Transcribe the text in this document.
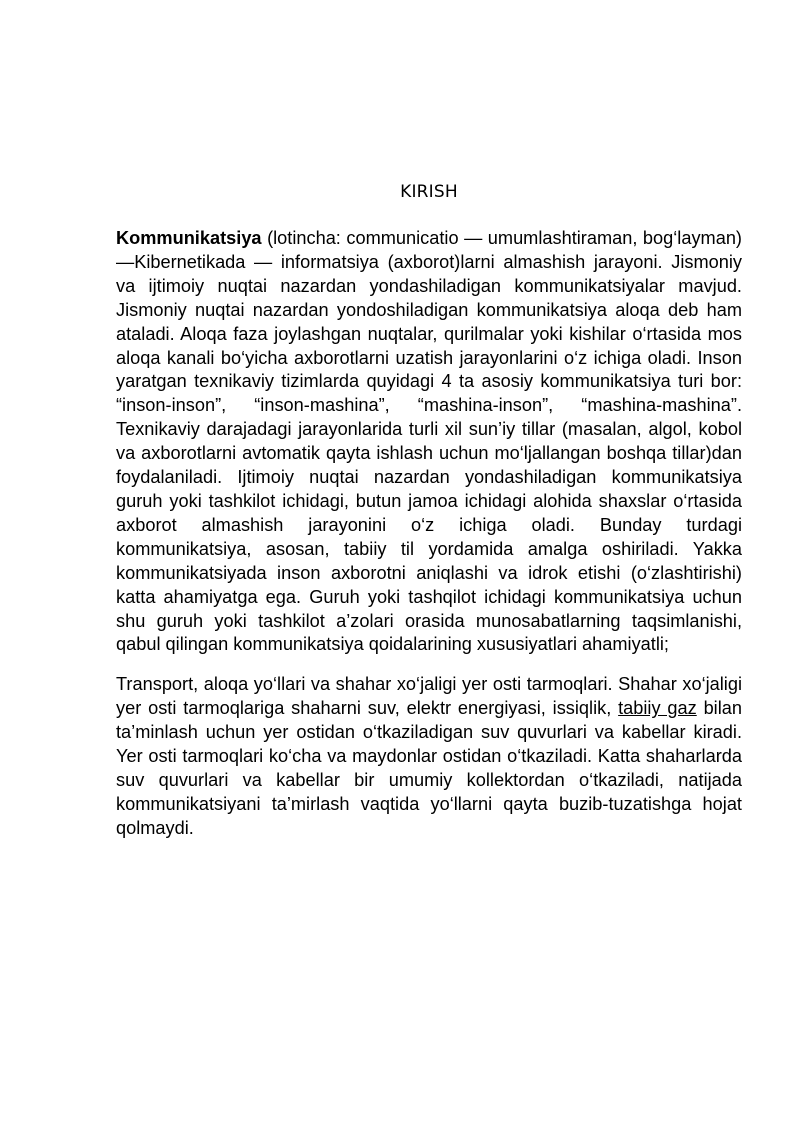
KIRISH

Kommunikatsiya (lotincha: communicatio — umumlashtiraman, bog‘layman) —Kibernetikada — informatsiya (axborot)larni almashish jarayoni. Jismoniy va ijtimoiy nuqtai nazardan yondashiladigan kommunikatsiyalar mavjud. Jismoniy nuqtai nazardan yondoshiladigan kommunikatsiya aloqa deb ham ataladi. Aloqa faza joylashgan nuqtalar, qurilmalar yoki kishilar o‘rtasida mos aloqa kanali bo‘yicha axborotlarni uzatish jarayonlarini o‘z ichiga oladi. Inson yaratgan texnikaviy tizimlarda quyidagi 4 ta asosiy kommunikatsiya turi bor: “inson-inson”, “inson-mashina”, “mashina-inson”, “mashina-mashina”. Texnikaviy darajadagi jarayonlarida turli xil sun’iy tillar (masalan, algol, kobol va axborotlarni avtomatik qayta ishlash uchun mo‘ljallangan boshqa tillar)dan foydalaniladi. Ijtimoiy nuqtai nazardan yondashiladigan kommunikatsiya guruh yoki tashkilot ichidagi, butun jamoa ichidagi alohida shaxslar o‘rtasida axborot almashish jarayonini o‘z ichiga oladi. Bunday turdagi kommunikatsiya, asosan, tabiiy til yordamida amalga oshiriladi. Yakka kommunikatsiyada inson axborotni aniqlashi va idrok etishi (o‘zlashtirishi) katta ahamiyatga ega. Guruh yoki tashqilot ichidagi kommunikatsiya uchun shu guruh yoki tashkilot a’zolari orasida munosabatlarning taqsimlanishi, qabul qilingan kommunikatsiya qoidalarining xususiyatlari ahamiyatli;

Transport, aloqa yo‘llari va shahar xo‘jaligi yer osti tarmoqlari. Shahar xo‘jaligi yer osti tarmoqlariga shaharni suv, elektr energiyasi, issiqlik, tabiiy gaz bilan ta’minlash uchun yer ostidan o‘tkaziladigan suv quvurlari va kabellar kiradi. Yer osti tarmoqlari ko‘cha va maydonlar ostidan o‘tkaziladi. Katta shaharlarda suv quvurlari va kabellar bir umumiy kollektordan o‘tkaziladi, natijada kommunikatsiyani ta’mirlash vaqtida yo‘llarni qayta buzib-tuzatishga hojat qolmaydi.
